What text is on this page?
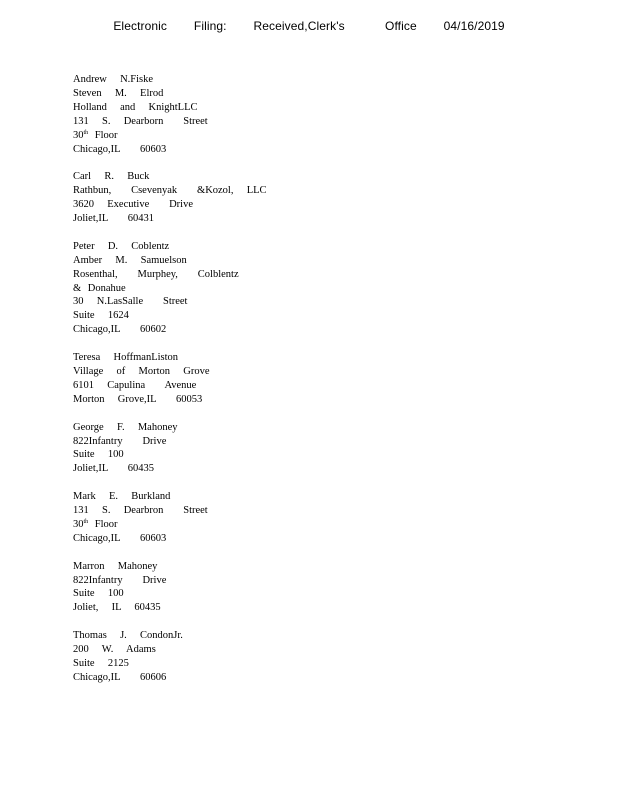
Electronic  Filing:  Received,Clerk's   Office  04/16/2019
Andrew  N.Fiske
Steven  M.  Elrod
Holland  and  KnightLLC
131  S.  Dearborn   Street
30th Floor
Chicago,IL   60603
Carl  R.  Buck
Rathbun,   Csevenyak   &Kozol,  LLC
3620  Executive   Drive
Joliet,IL   60431
Peter  D.  Coblentz
Amber  M.  Samuelson
Rosenthal,   Murphey,   Colblentz
& Donahue
30  N.LasSalle   Street
Suite  1624
Chicago,IL   60602
Teresa  HoffmanListon
Village  of  Morton  Grove
6101  Capulina   Avenue
Morton  Grove,IL   60053
George  F.  Mahoney
822Infantry   Drive
Suite  100
Joliet,IL   60435
Mark  E.  Burkland
131  S.  Dearbron   Street
30th Floor
Chicago,IL   60603
Marron  Mahoney
822Infantry   Drive
Suite  100
Joliet,  IL  60435
Thomas  J.  CondonJr.
200  W.  Adams
Suite  2125
Chicago,IL   60606
